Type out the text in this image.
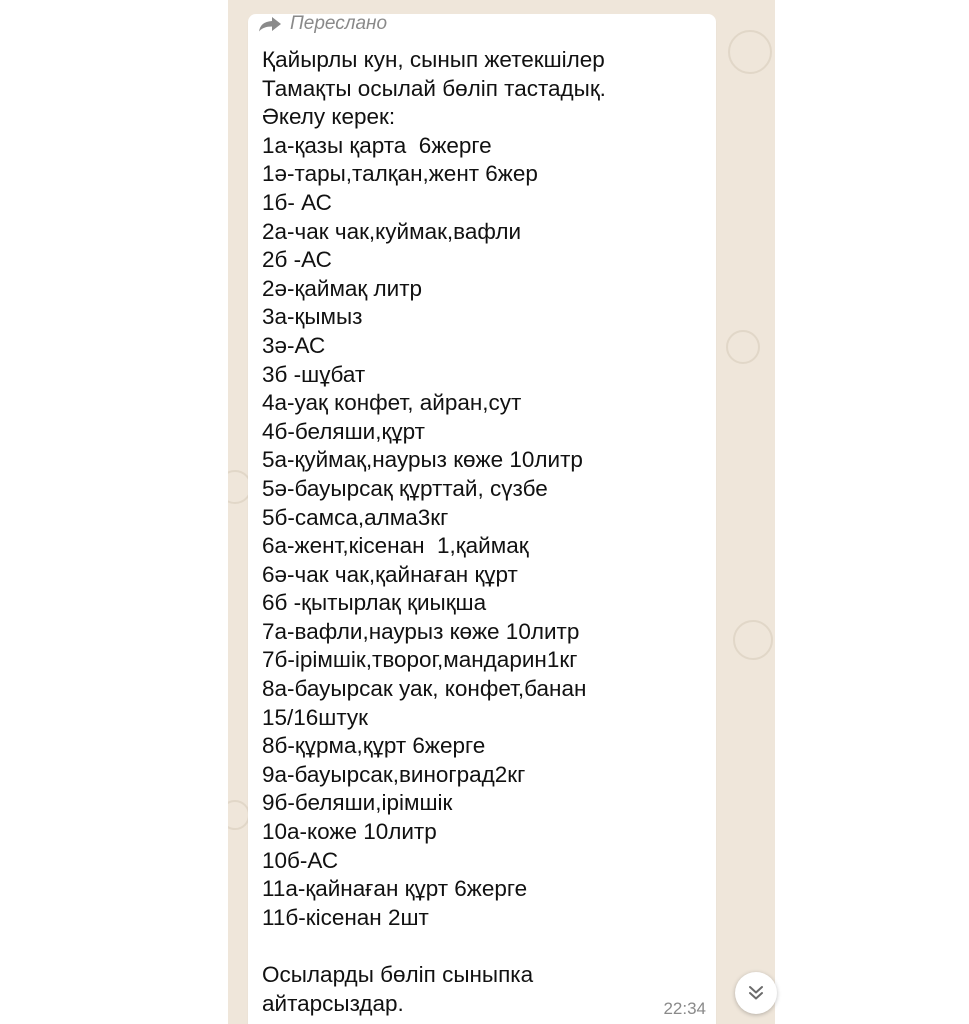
Переслано
Қайырлы кун, сынып жетекшілер
Тамақты осылай бөліп тастадық.
Әкелу керек:
1а-қазы қарта  6жерге
1ә-тары,талқан,жент 6жер
1б- АС
2а-чак чак,куймак,вафли
2б -АС
2ә-қаймақ литр
3а-қымыз
3ә-АС
3б -шұбат
4а-уақ конфет, айран,сут
4б-беляши,құрт
5а-қуймақ,наурыз көже 10литр
5ә-бауырсақ құрттай, сүзбе
5б-самса,алма3кг
6а-жент,кісенан  1,қаймақ
6ә-чак чак,қайнаған құрт
6б -қытырлақ қиықша
7а-вафли,наурыз көже 10литр
7б-ірімшік,творог,мандарин1кг
8а-бауырсак уак, конфет,банан
15/16штук
8б-құрма,құрт 6жерге
9а-бауырсак,виноград2кг
9б-беляши,ірімшік
10а-коже 10литр
10б-АС
11а-қайнаған құрт 6жерге
11б-кісенан 2шт
Осыларды бөліп сыныпка
айтарсыздар.	22:34
